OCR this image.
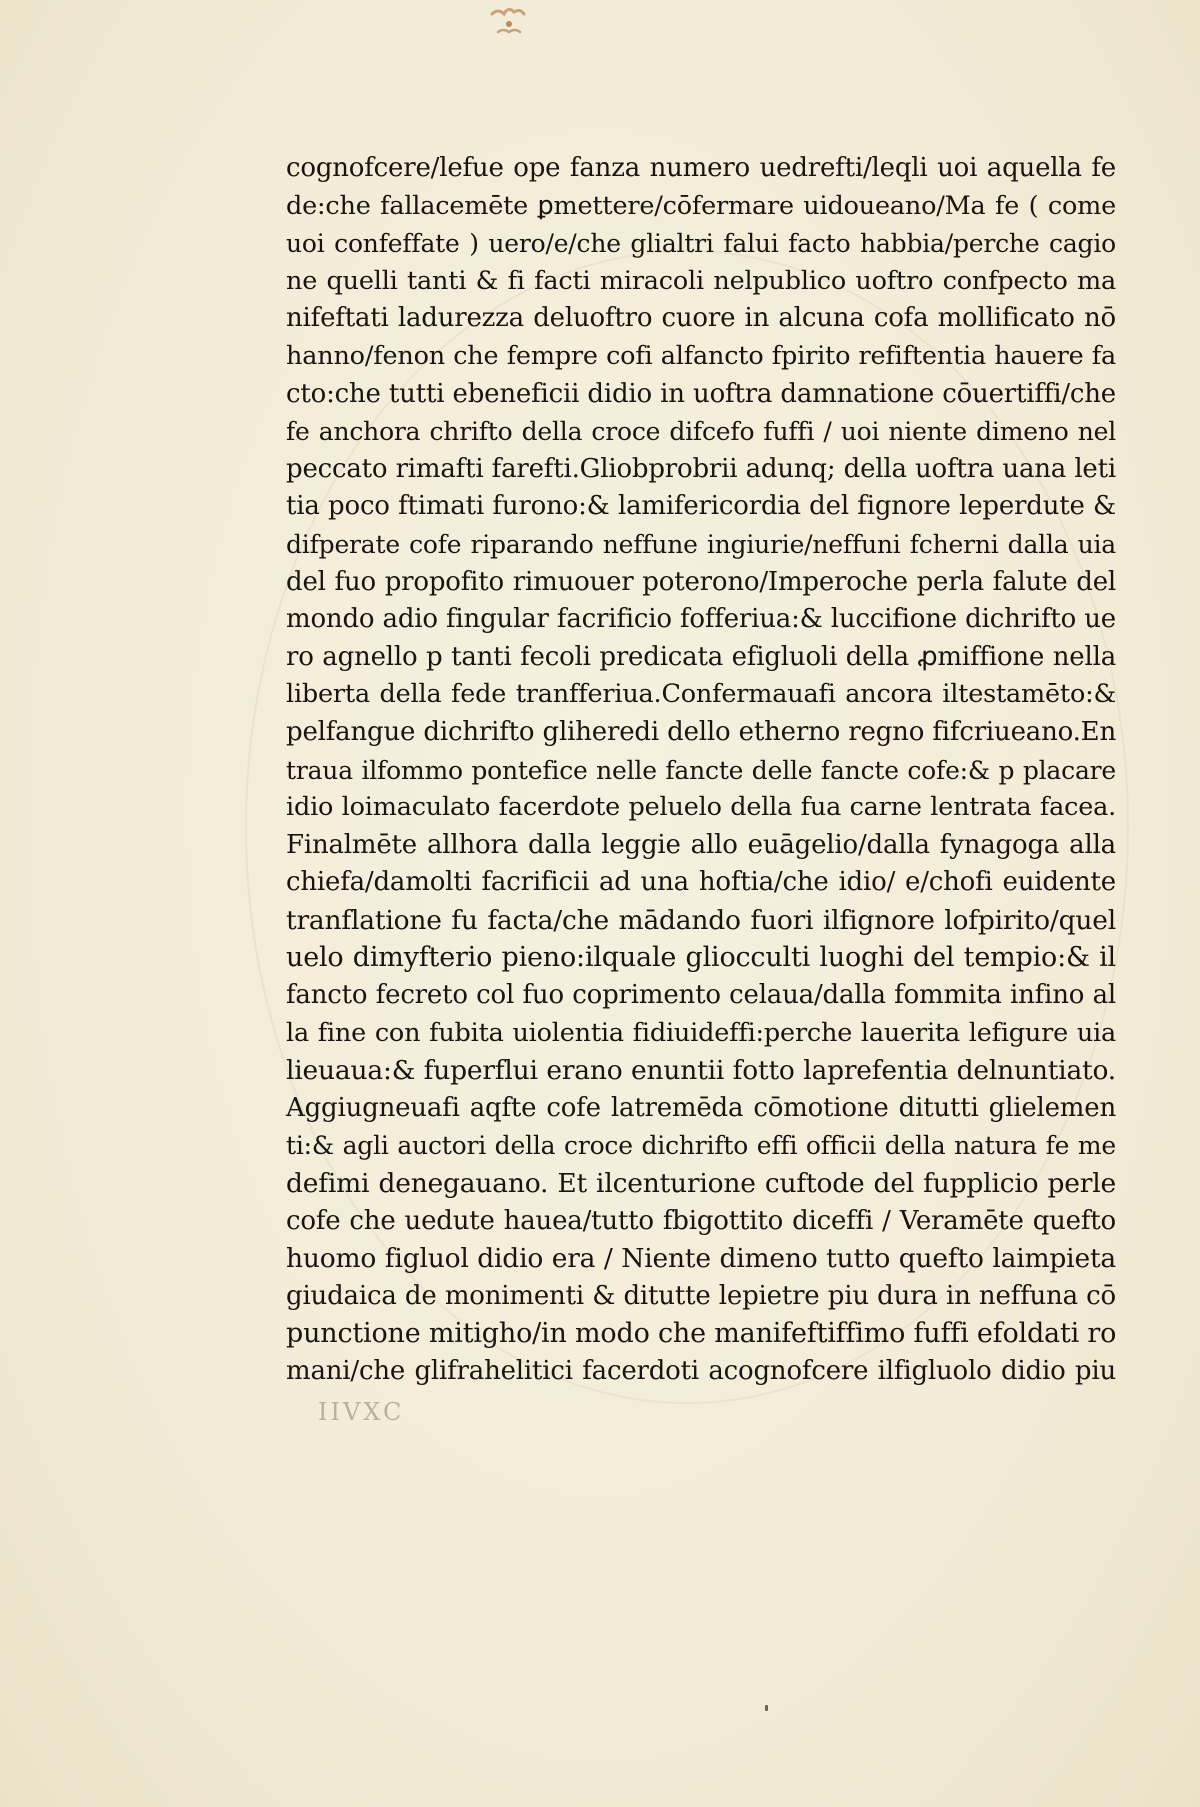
cognofcere/lefue ope fanza numero uedrefti/leqli uoi aquella fe
de:che fallacemēte ꝑmettere/cōfermare uidoueano/Ma fe ( come
uoi confeffate ) uero/e/che glialtri falui facto habbia/perche cagio
ne quelli tanti & fi facti miracoli nelpublico uoftro confpecto ma
nifeftati ladurezza deluoftro cuore in alcuna cofa mollificato nō
hanno/fenon che fempre cofi alfancto fpirito refiftentia hauere fa
cto:che tutti ebeneficii didio in uoftra damnatione cōuertiffi/che
fe anchora chrifto della croce difcefo fuffi / uoi niente dimeno nel
peccato rimafti farefti.Gliobprobrii adunq; della uoftra uana leti
tia poco ftimati furono:& lamifericordia del fignore leperdute &
difperate cofe riparando neffune ingiurie/neffuni fcherni dalla uia
del fuo propofito rimuouer poterono/Imperoche perla falute del
mondo adio fingular facrificio fofferiua:& luccifione dichrifto ue
ro agnello p tanti fecoli predicata efigluoli della ꝓmiffione nella
liberta della fede tranfferiua.Confermauafi ancora iltestamēto:&
pelfangue dichrifto gliheredi dello etherno regno fifcriueano.En
traua ilfommo pontefice nelle fancte delle fancte cofe:& p placare
idio loimaculato facerdote peluelo della fua carne lentrata facea.
Finalmēte allhora dalla leggie allo euāgelio/dalla fynagoga alla
chiefa/damolti facrificii ad una hoftia/che idio/ e/chofi euidente
tranflatione fu facta/che mādando fuori ilfignore lofpirito/quel
uelo dimyfterio pieno:ilquale gliocculti luoghi del tempio:& il
fancto fecreto col fuo coprimento celaua/dalla fommita infino al
la fine con fubita uiolentia fidiuideffi:perche lauerita lefigure uia
lieuaua:& fuperflui erano enuntii fotto laprefentia delnuntiato.
Aggiugneuafi aqfte cofe latremēda cōmotione ditutti glielemen
ti:& agli auctori della croce dichrifto effi officii della natura fe me
defimi denegauano. Et ilcenturione cuftode del fupplicio perle
cofe che uedute hauea/tutto fbigottito diceffi / Veramēte quefto
huomo figluol didio era / Niente dimeno tutto quefto laimpieta
giudaica de monimenti & ditutte lepietre piu dura in neffuna cō
punctione mitigho/in modo che manifeftiffimo fuffi efoldati ro
mani/che glifrahelitici facerdoti acognofcere ilfigluolo didio piu
IIVXC
